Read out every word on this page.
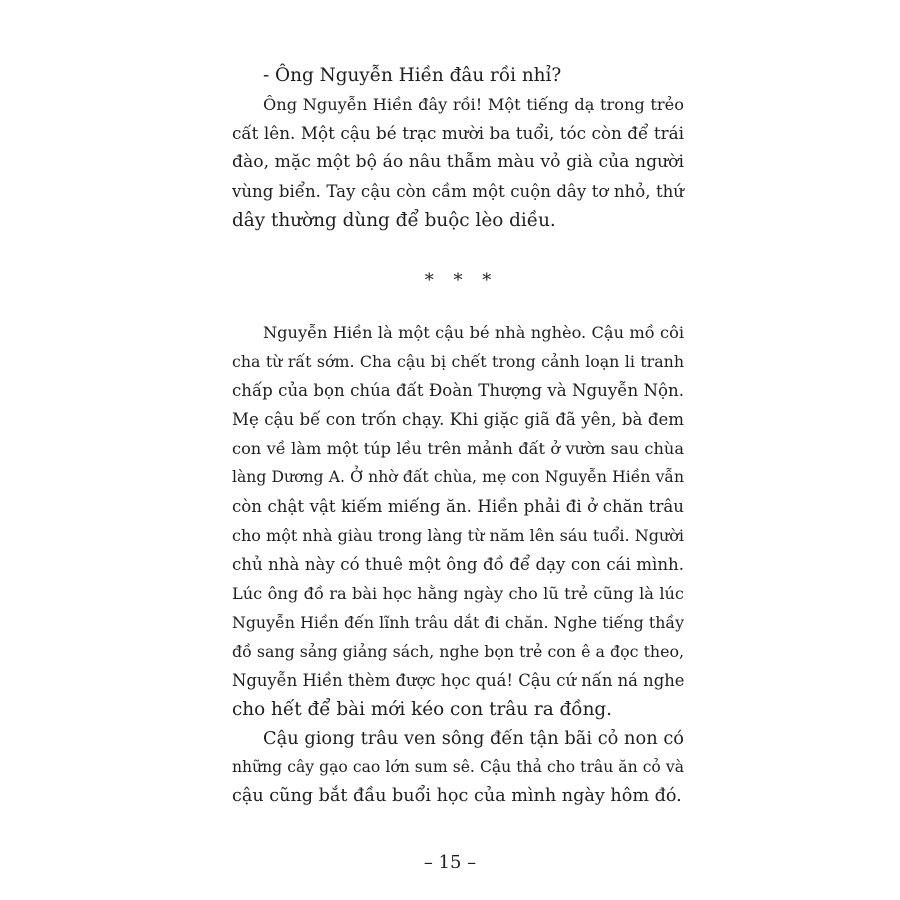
- Ông Nguyễn Hiền đâu rồi nhỉ?

Ông Nguyễn Hiền đây rồi! Một tiếng dạ trong trẻo
cất lên. Một cậu bé trạc mười ba tuổi, tóc còn để trái
đào, mặc một bộ áo nâu thẫm màu vỏ già của người
vùng biển. Tay cậu còn cầm một cuộn dây tơ nhỏ, thứ
dây thường dùng để buộc lèo diều.
* * *
Nguyễn Hiền là một cậu bé nhà nghèo. Cậu mồ côi
cha từ rất sớm. Cha cậu bị chết trong cảnh loạn li tranh
chấp của bọn chúa đất Đoàn Thượng và Nguyễn Nộn.
Mẹ cậu bế con trốn chạy. Khi giặc giã đã yên, bà đem
con về làm một túp lều trên mảnh đất ở vườn sau chùa
làng Dương A. Ở nhờ đất chùa, mẹ con Nguyễn Hiền vẫn
còn chật vật kiếm miếng ăn. Hiền phải đi ở chăn trâu
cho một nhà giàu trong làng từ năm lên sáu tuổi. Người
chủ nhà này có thuê một ông đồ để dạy con cái mình.
Lúc ông đồ ra bài học hằng ngày cho lũ trẻ cũng là lúc
Nguyễn Hiền đến lĩnh trâu dắt đi chăn. Nghe tiếng thầy
đồ sang sảng giảng sách, nghe bọn trẻ con ê a đọc theo,
Nguyễn Hiền thèm được học quá! Cậu cứ nấn ná nghe
cho hết để bài mới kéo con trâu ra đồng.
Cậu giong trâu ven sông đến tận bãi cỏ non có
những cây gạo cao lớn sum sê. Cậu thả cho trâu ăn cỏ và
cậu cũng bắt đầu buổi học của mình ngày hôm đó.
– 15 –
